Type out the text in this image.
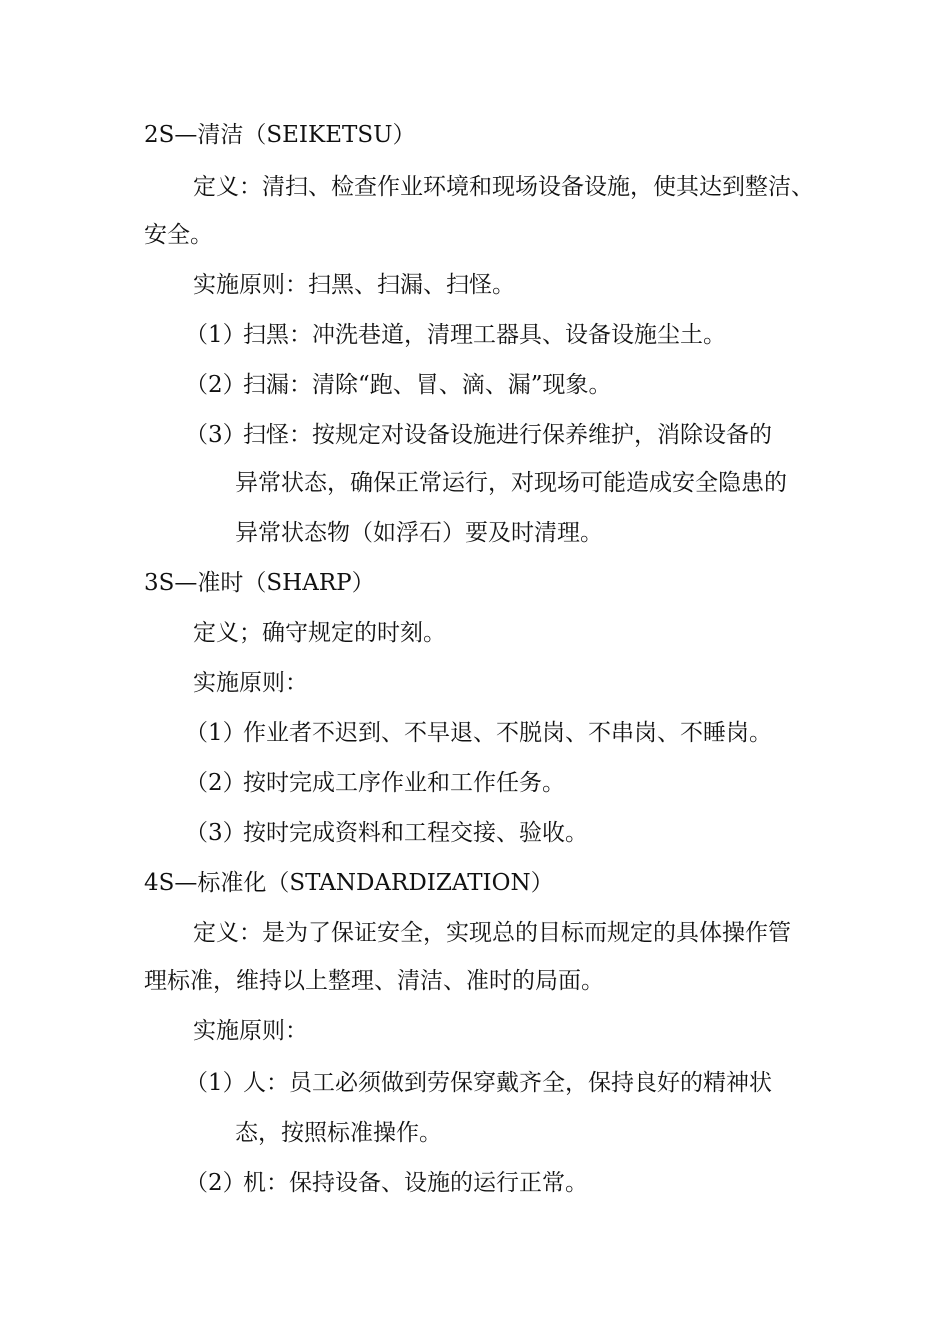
2S—清洁（SEIKETSU）
定义：清扫、检查作业环境和现场设备设施，使其达到整洁、
安全。
实施原则：扫黑、扫漏、扫怪。
（1）扫黑：冲洗巷道，清理工器具、设备设施尘土。
（2）扫漏：清除“跑、冒、滴、漏”现象。
（3）扫怪：按规定对设备设施进行保养维护，消除设备的
异常状态，确保正常运行，对现场可能造成安全隐患的
异常状态物（如浮石）要及时清理。
3S—准时（SHARP）
定义；确守规定的时刻。
实施原则：
（1）作业者不迟到、不早退、不脱岗、不串岗、不睡岗。
（2）按时完成工序作业和工作任务。
（3）按时完成资料和工程交接、验收。
4S—标准化（STANDARDIZATION）
定义：是为了保证安全，实现总的目标而规定的具体操作管
理标准，维持以上整理、清洁、准时的局面。
实施原则：
（1）人：员工必须做到劳保穿戴齐全，保持良好的精神状
态，按照标准操作。
（2）机：保持设备、设施的运行正常。
